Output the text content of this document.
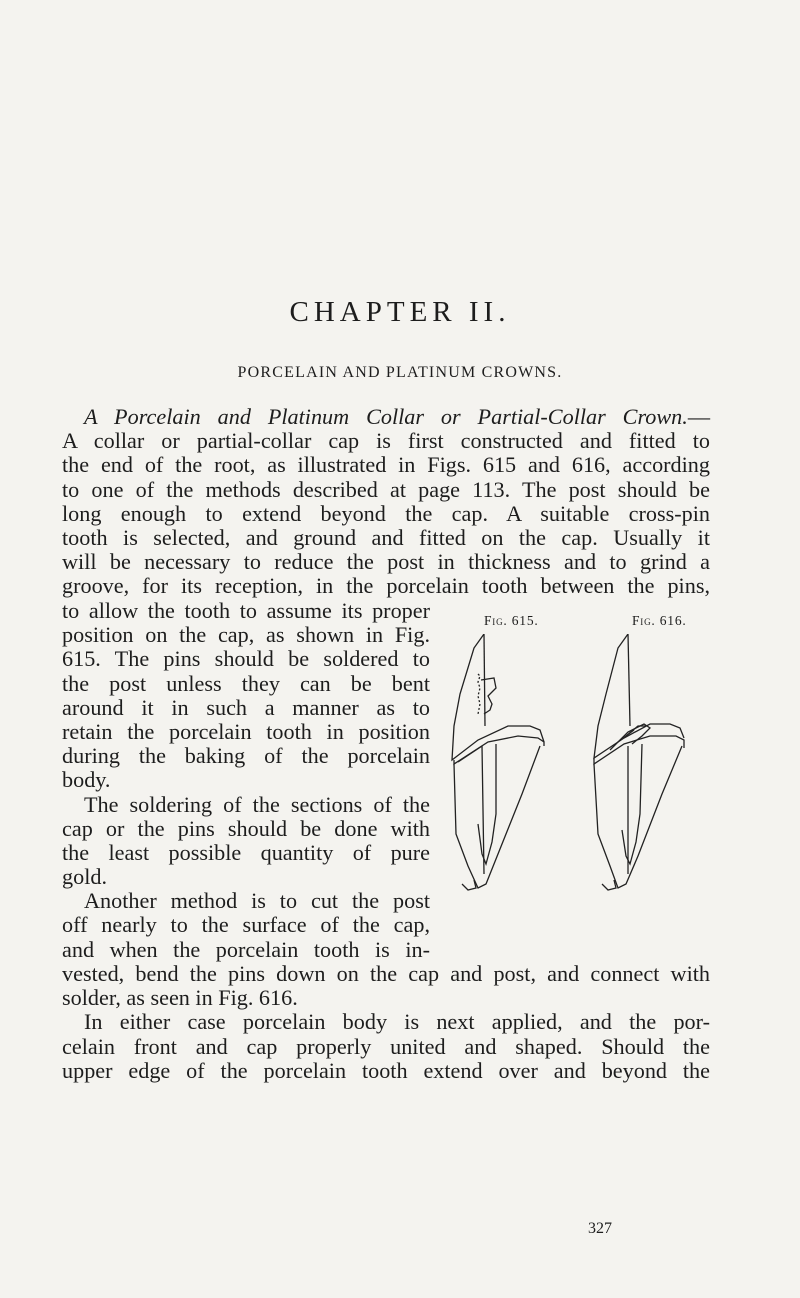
CHAPTER II.
PORCELAIN AND PLATINUM CROWNS.
A Porcelain and Platinum Collar or Partial-Collar Crown.—
A collar or partial-collar cap is first constructed and fitted to
the end of the root, as illustrated in Figs. 615 and 616, according
to one of the methods described at page 113. The post should be
long enough to extend beyond the cap. A suitable cross-pin
tooth is selected, and ground and fitted on the cap. Usually it
will be necessary to reduce the post in thickness and to grind a
groove, for its reception, in the porcelain tooth between the pins,
to allow the tooth to assume its proper
position on the cap, as shown in Fig.
615. The pins should be soldered to
the post unless they can be bent
around it in such a manner as to
retain the porcelain tooth in position
during the baking of the porcelain
body.
The soldering of the sections of the
cap or the pins should be done with
the least possible quantity of pure
gold.
Another method is to cut the post
off nearly to the surface of the cap,
and when the porcelain tooth is in-
vested, bend the pins down on the cap and post, and connect with
solder, as seen in Fig. 616.
In either case porcelain body is next applied, and the por-
celain front and cap properly united and shaped. Should the
upper edge of the porcelain tooth extend over and beyond the
Fig. 615.	Fig. 616.
327
